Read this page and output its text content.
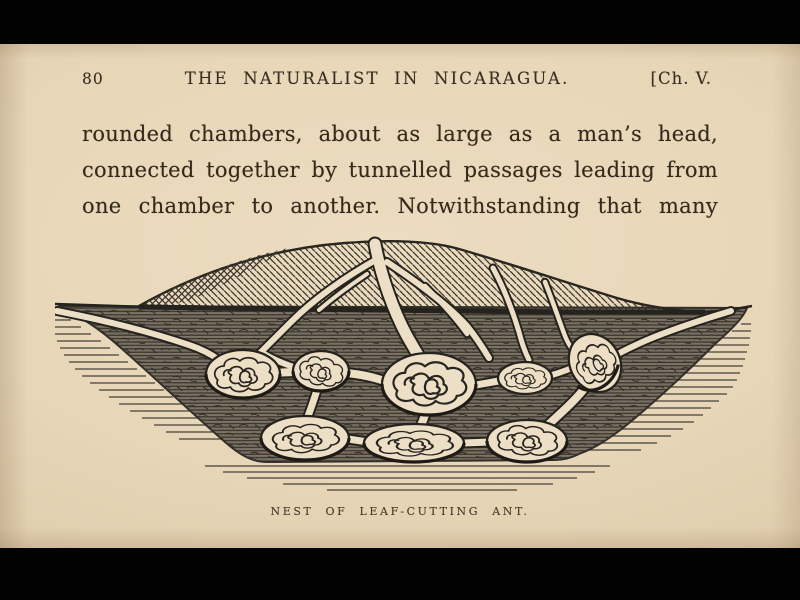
80	THE NATURALIST IN NICARAGUA.	[Ch. V.
rounded chambers, about as large as a man’s head,
connected together by tunnelled passages leading from
one chamber to another. Notwithstanding that many
NEST OF LEAF-CUTTING ANT.
